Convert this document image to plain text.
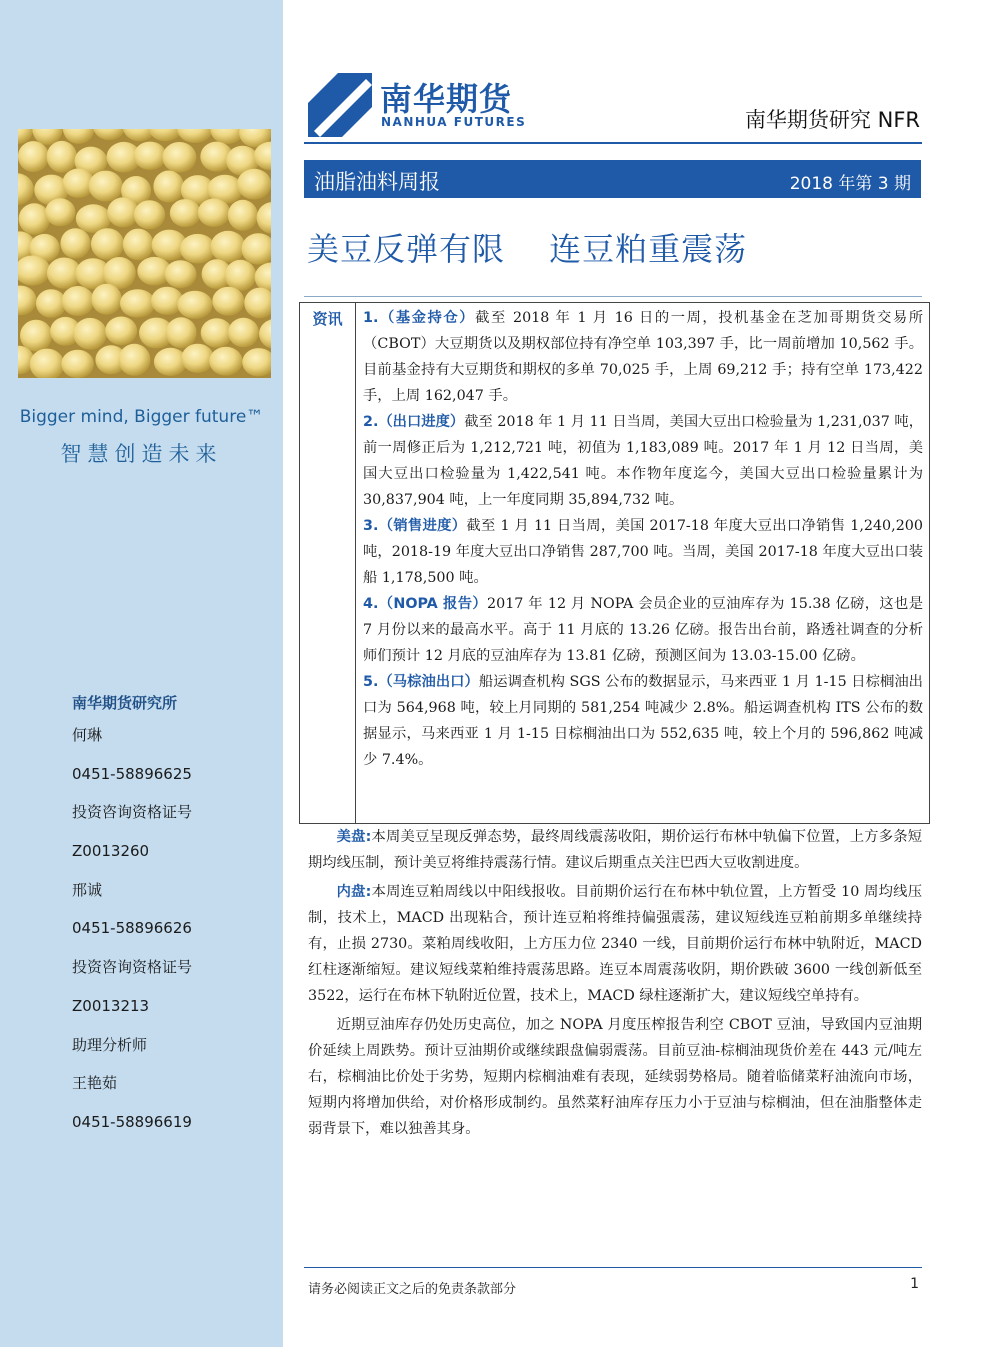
Bigger mind, Bigger future™
智慧创造未来
南华期货研究所
何琳
0451-58896625
投资咨询资格证号
Z0013260
邢诚
0451-58896626
投资咨询资格证号
Z0013213
助理分析师
王艳茹
0451-58896619
南华期货
NANHUA FUTURES	南华期货研究 NFR
油脂油料周报	2018 年第 3 期
美豆反弹有限　 连豆粕重震荡
资讯	1.（基金持仓）截至 2018 年 1 月 16 日的一周，投机基金在芝加哥期货交易所（CBOT）大豆期货以及期权部位持有净空单 103,397 手，比一周前增加 10,562 手。目前基金持有大豆期货和期权的多单 70,025 手，上周 69,212 手；持有空单 173,422 手，上周 162,047 手。
2.（出口进度）截至 2018 年 1 月 11 日当周，美国大豆出口检验量为 1,231,037 吨，前一周修正后为 1,212,721 吨，初值为 1,183,089 吨。2017 年 1 月 12 日当周，美国大豆出口检验量为 1,422,541 吨。本作物年度迄今，美国大豆出口检验量累计为 30,837,904 吨，上一年度同期 35,894,732 吨。
3.（销售进度）截至 1 月 11 日当周，美国 2017-18 年度大豆出口净销售 1,240,200 吨，2018-19 年度大豆出口净销售 287,700 吨。当周，美国 2017-18 年度大豆出口装船 1,178,500 吨。
4.（NOPA 报告）2017 年 12 月 NOPA 会员企业的豆油库存为 15.38 亿磅，这也是 7 月份以来的最高水平。高于 11 月底的 13.26 亿磅。报告出台前，路透社调查的分析师们预计 12 月底的豆油库存为 13.81 亿磅，预测区间为 13.03-15.00 亿磅。
5.（马棕油出口）船运调查机构 SGS 公布的数据显示，马来西亚 1 月 1-15 日棕榈油出口为 564,968 吨，较上月同期的 581,254 吨减少 2.8%。船运调查机构 ITS 公布的数据显示，马来西亚 1 月 1-15 日棕榈油出口为 552,635 吨，较上个月的 596,862 吨减少 7.4%。

美盘:本周美豆呈现反弹态势，最终周线震荡收阳，期价运行布林中轨偏下位置，上方多条短期均线压制，预计美豆将维持震荡行情。建议后期重点关注巴西大豆收割进度。

内盘:本周连豆粕周线以中阳线报收。目前期价运行在布林中轨位置，上方暂受 10 周均线压制，技术上，MACD 出现粘合，预计连豆粕将维持偏强震荡，建议短线连豆粕前期多单继续持有，止损 2730。菜粕周线收阳，上方压力位 2340 一线，目前期价运行布林中轨附近，MACD 红柱逐渐缩短。建议短线菜粕维持震荡思路。连豆本周震荡收阴，期价跌破 3600 一线创新低至 3522，运行在布林下轨附近位置，技术上，MACD 绿柱逐渐扩大，建议短线空单持有。

近期豆油库存仍处历史高位，加之 NOPA 月度压榨报告利空 CBOT 豆油，导致国内豆油期价延续上周跌势。预计豆油期价或继续跟盘偏弱震荡。目前豆油-棕榈油现货价差在 443 元/吨左右，棕榈油比价处于劣势，短期内棕榈油难有表现，延续弱势格局。随着临储菜籽油流向市场，短期内将增加供给，对价格形成制约。虽然菜籽油库存压力小于豆油与棕榈油，但在油脂整体走弱背景下，难以独善其身。

请务必阅读正文之后的免责条款部分	1
